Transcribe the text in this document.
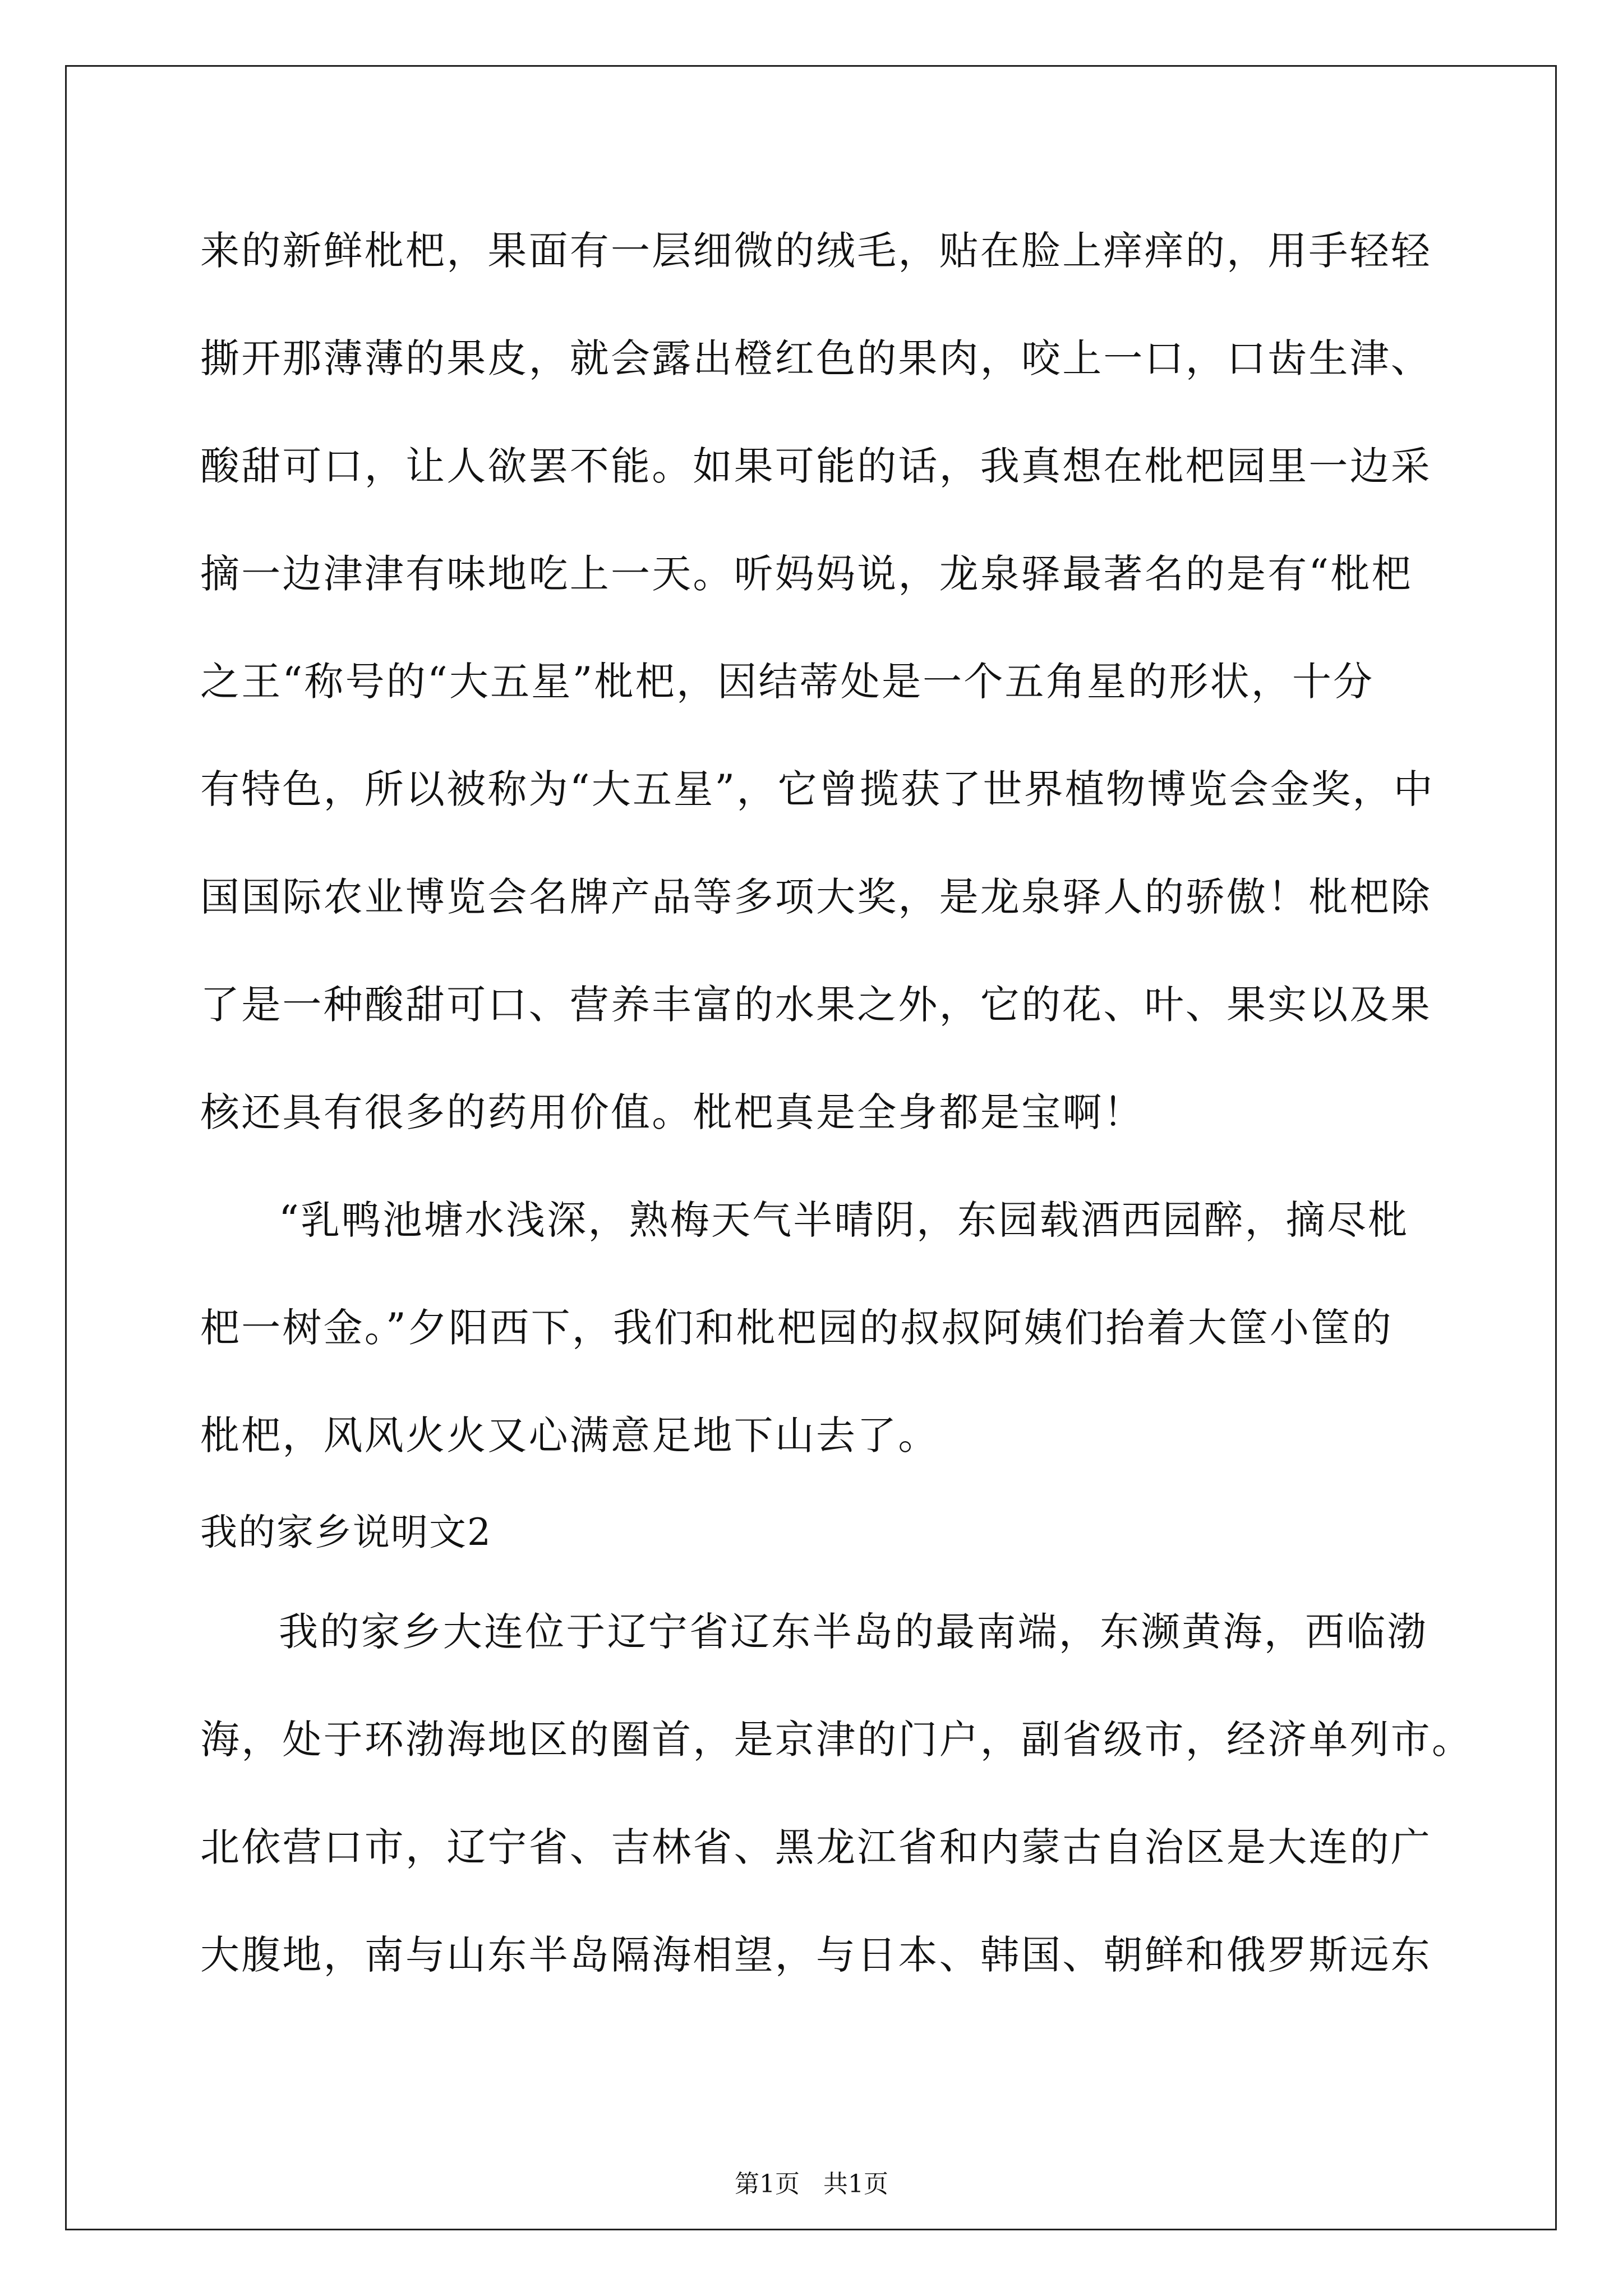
来的新鲜枇杷，果面有一层细微的绒毛，贴在脸上痒痒的，用手轻轻
撕开那薄薄的果皮，就会露出橙红色的果肉，咬上一口，口齿生津、
酸甜可口，让人欲罢不能。如果可能的话，我真想在枇杷园里一边采
摘一边津津有味地吃上一天。听妈妈说，龙泉驿最著名的是有“枇杷
之王“称号的“大五星”枇杷，因结蒂处是一个五角星的形状，十分
有特色，所以被称为“大五星”，它曾揽获了世界植物博览会金奖，中
国国际农业博览会名牌产品等多项大奖，是龙泉驿人的骄傲！枇杷除
了是一种酸甜可口、营养丰富的水果之外，它的花、叶、果实以及果
核还具有很多的药用价值。枇杷真是全身都是宝啊！
“乳鸭池塘水浅深，熟梅天气半晴阴，东园载酒西园醉，摘尽枇
杷一树金。”夕阳西下，我们和枇杷园的叔叔阿姨们抬着大筐小筐的
枇杷，风风火火又心满意足地下山去了。
我的家乡说明文2
我的家乡大连位于辽宁省辽东半岛的最南端，东濒黄海，西临渤
海，处于环渤海地区的圈首，是京津的门户，副省级市，经济单列市。
北依营口市，辽宁省、吉林省、黑龙江省和内蒙古自治区是大连的广
大腹地，南与山东半岛隔海相望，与日本、韩国、朝鲜和俄罗斯远东
第1页   共1页
